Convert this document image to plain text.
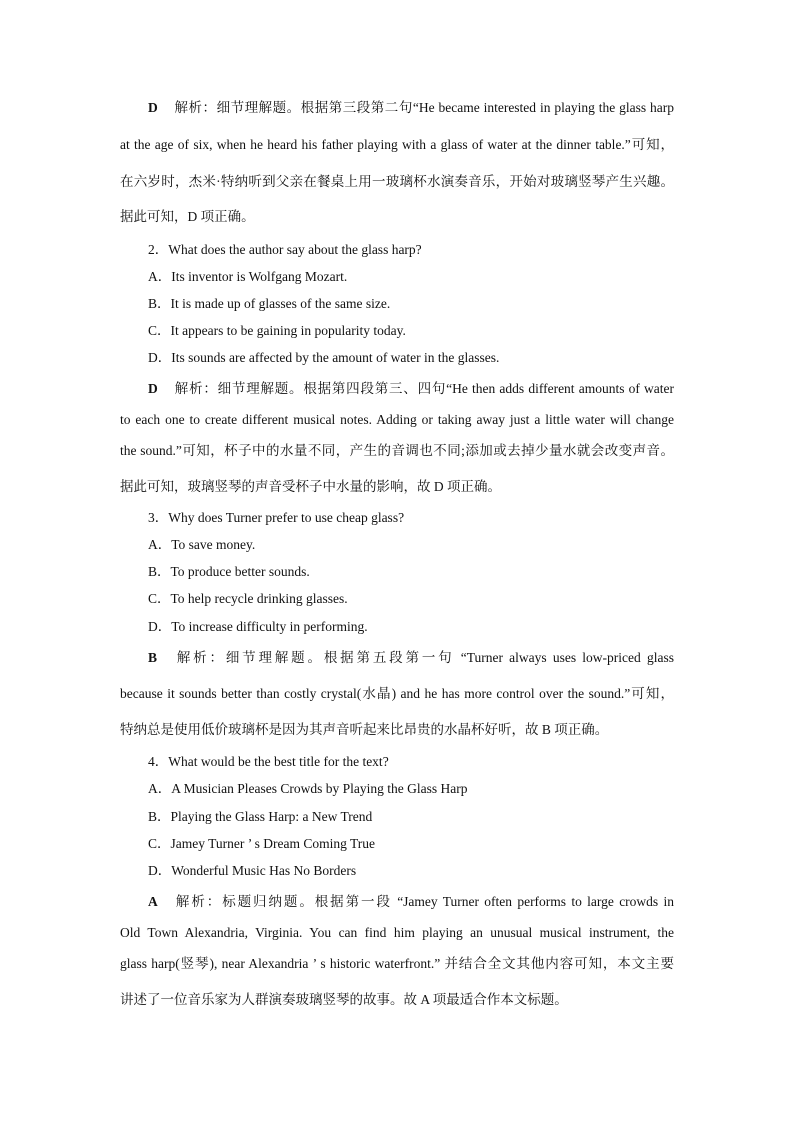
D 解析：细节理解题。根据第三段第二句“He became interested in playing the glass harp
at the age of six, when he heard his father playing with a glass of water at the dinner table.”可知，
在六岁时，杰米·特纳听到父亲在餐桌上用一玻璃杯水演奏音乐，开始对玻璃竖琴产生兴趣。
据此可知，D 项正确。
2．What does the author say about the glass harp?
A．Its inventor is Wolfgang Mozart.
B．It is made up of glasses of the same size.
C．It appears to be gaining in popularity today.
D．Its sounds are affected by the amount of water in the glasses.
D 解析：细节理解题。根据第四段第三、四句“He then adds different amounts of water
to each one to create different musical notes. Adding or taking away just a little water will change
the sound.”可知，杯子中的水量不同，产生的音调也不同;添加或去掉少量水就会改变声音。
据此可知，玻璃竖琴的声音受杯子中水量的影响，故 D 项正确。
3．Why does Turner prefer to use cheap glass?
A．To save money.
B．To produce better sounds.
C．To help recycle drinking glasses.
D．To increase difficulty in performing.
B 解析：细节理解题。根据第五段第一句 “Turner always uses low-priced glass
because it sounds better than costly crystal(水晶) and he has more control over the sound.”可知，
特纳总是使用低价玻璃杯是因为其声音听起来比昂贵的水晶杯好听，故 B 项正确。
4．What would be the best title for the text?
A．A Musician Pleases Crowds by Playing the Glass Harp
B．Playing the Glass Harp: a New Trend
C．Jamey Turner ’ s Dream Coming True
D．Wonderful Music Has No Borders
A 解析：标题归纳题。根据第一段 “Jamey Turner often performs to large crowds in
Old Town Alexandria, Virginia. You can find him playing an unusual musical instrument, the
glass harp(竖琴), near Alexandria ’ s historic waterfront.” 并结合全文其他内容可知，本文主要
讲述了一位音乐家为人群演奏玻璃竖琴的故事。故 A 项最适合作本文标题。
